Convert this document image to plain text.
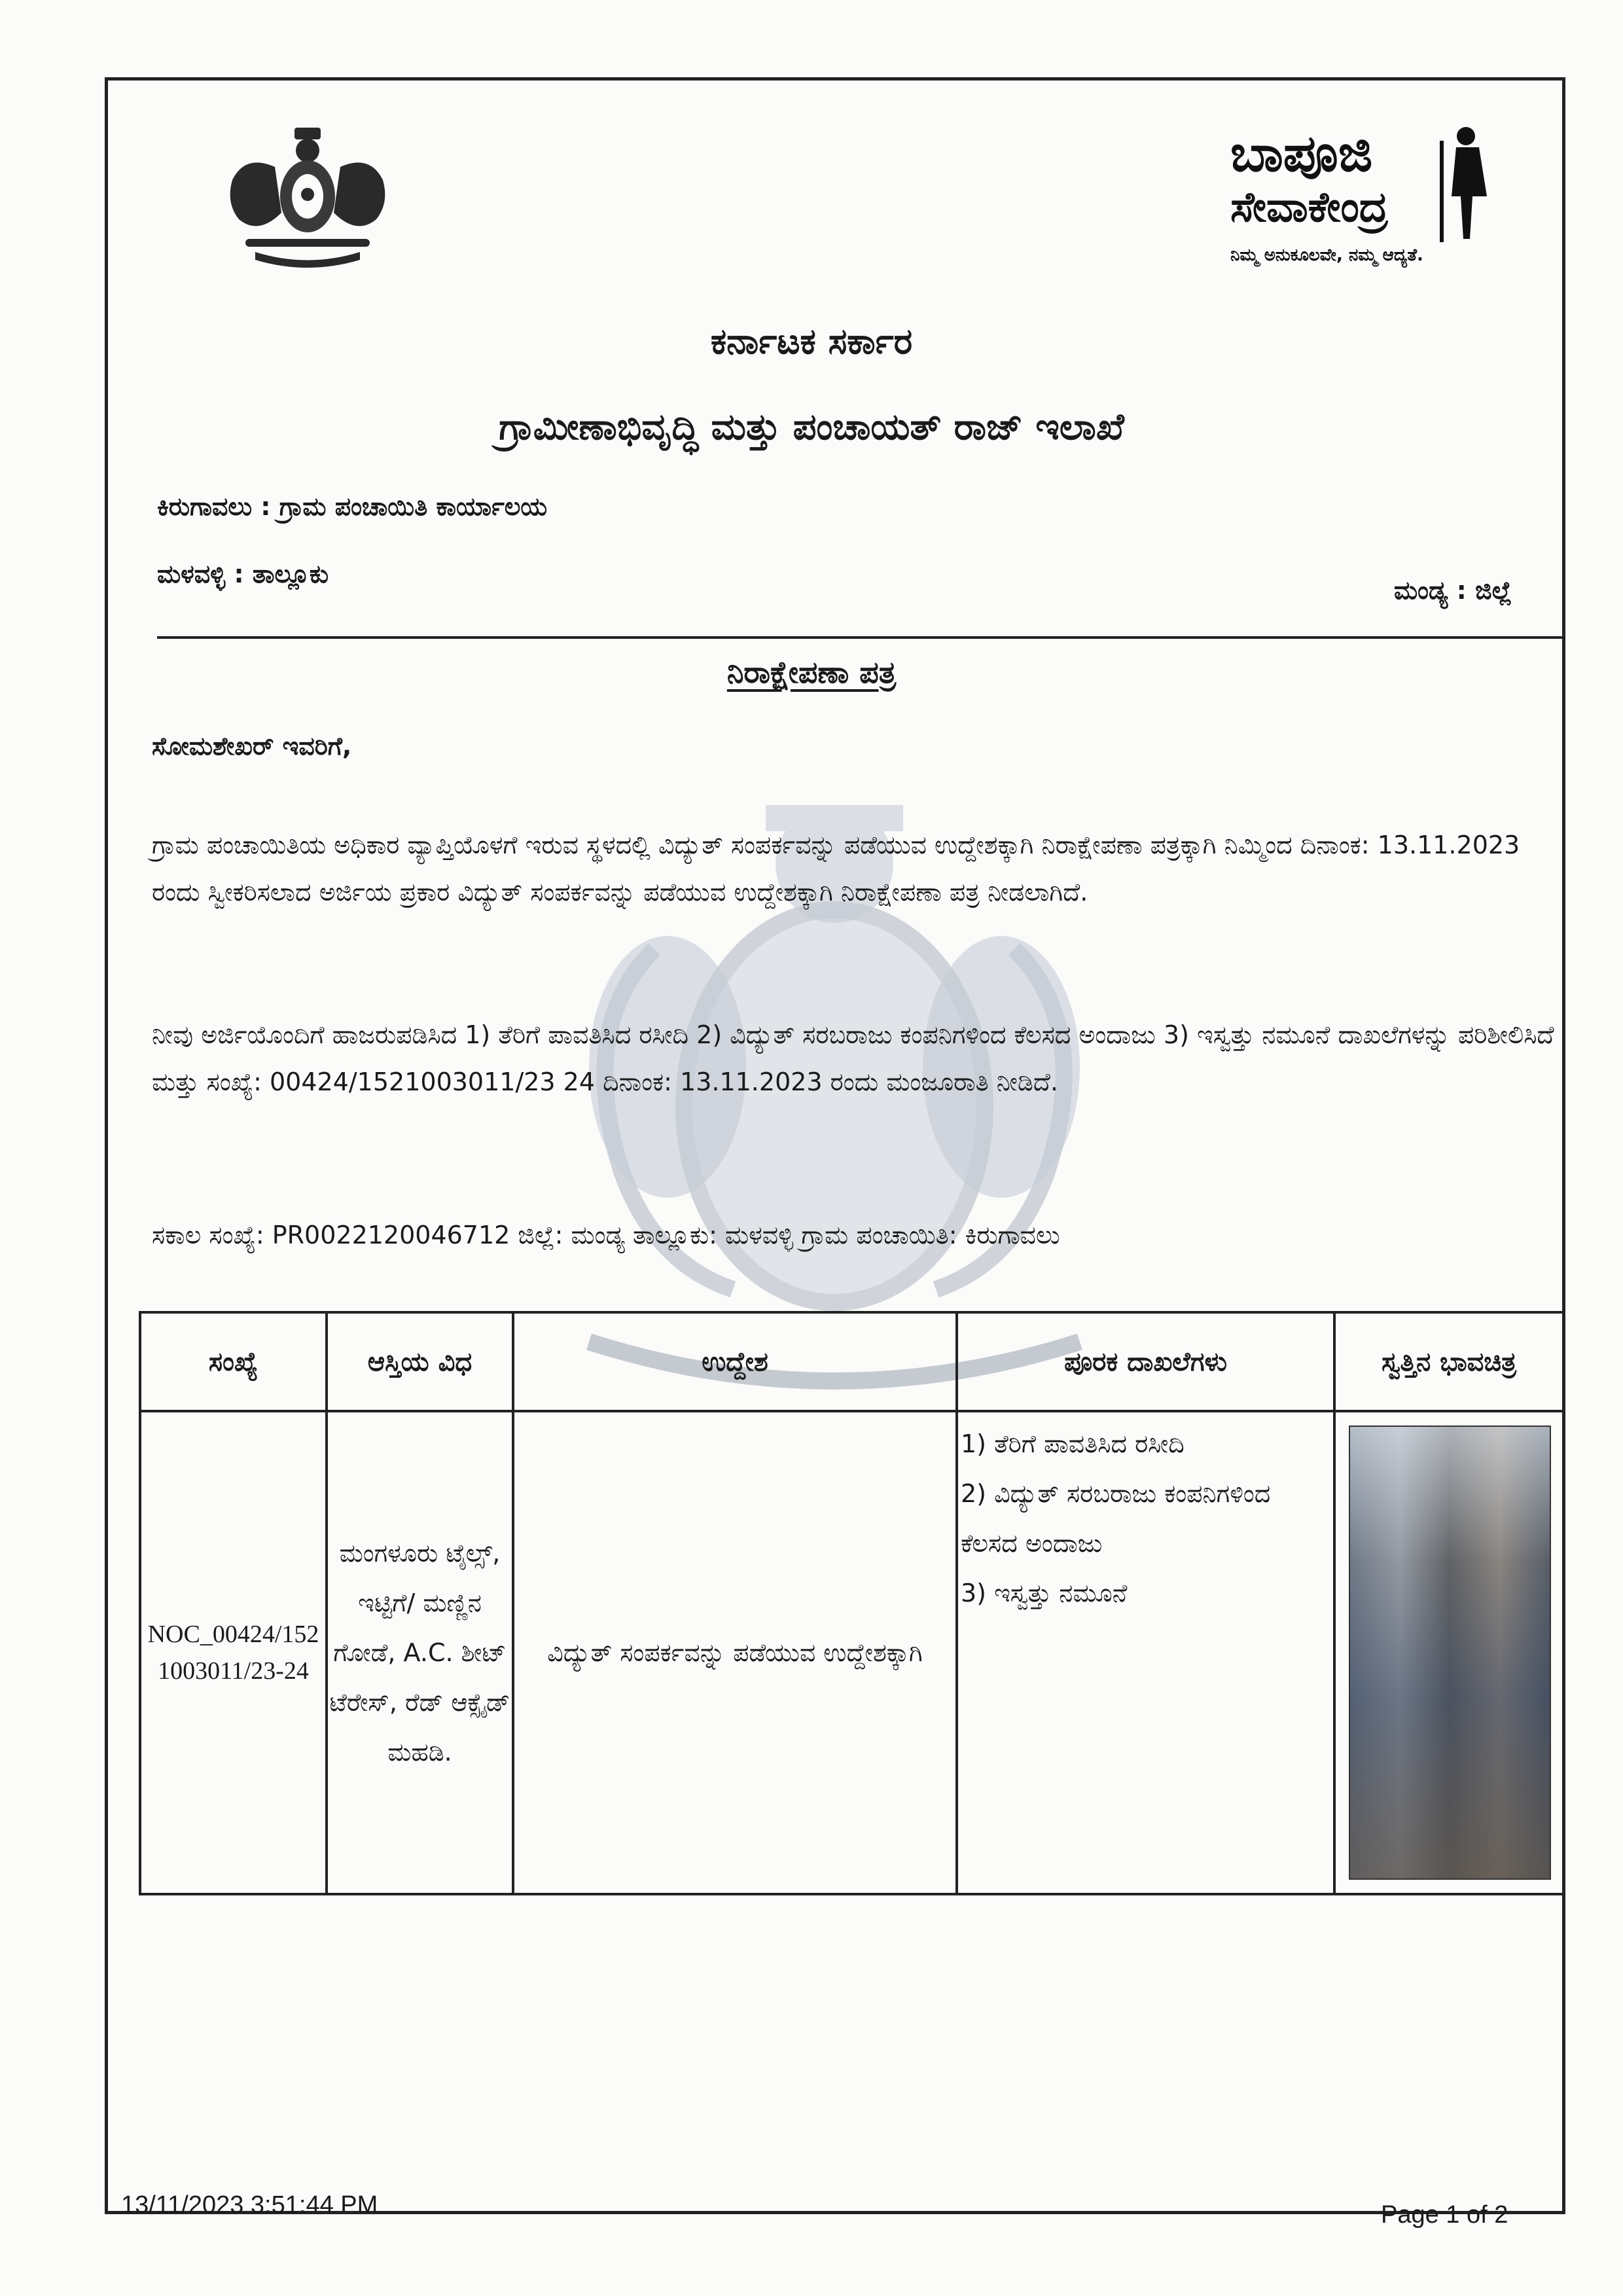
ಬಾಪೂಜಿ
ಸೇವಾಕೇಂದ್ರ
ನಿಮ್ಮ ಅನುಕೂಲವೇ, ನಮ್ಮ ಆದ್ಯತೆ.
ಕರ್ನಾಟಕ ಸರ್ಕಾರ
ಗ್ರಾಮೀಣಾಭಿವೃದ್ಧಿ ಮತ್ತು ಪಂಚಾಯತ್ ರಾಜ್ ಇಲಾಖೆ
ಕಿರುಗಾವಲು : ಗ್ರಾಮ ಪಂಚಾಯಿತಿ ಕಾರ್ಯಾಲಯ
ಮಳವಳ್ಳಿ : ತಾಲ್ಲೂಕು
ಮಂಡ್ಯ : ಜಿಲ್ಲೆ
ನಿರಾಕ್ಷೇಪಣಾ ಪತ್ರ
ಸೋಮಶೇಖರ್ ಇವರಿಗೆ,
ಗ್ರಾಮ ಪಂಚಾಯಿತಿಯ ಅಧಿಕಾರ ವ್ಯಾಪ್ತಿಯೊಳಗೆ ಇರುವ ಸ್ಥಳದಲ್ಲಿ ವಿದ್ಯುತ್ ಸಂಪರ್ಕವನ್ನು ಪಡೆಯುವ ಉದ್ದೇಶಕ್ಕಾಗಿ ನಿರಾಕ್ಷೇಪಣಾ ಪತ್ರಕ್ಕಾಗಿ ನಿಮ್ಮಿಂದ ದಿನಾಂಕ: 13.11.2023 ರಂದು ಸ್ವೀಕರಿಸಲಾದ ಅರ್ಜಿಯ ಪ್ರಕಾರ ವಿದ್ಯುತ್ ಸಂಪರ್ಕವನ್ನು ಪಡೆಯುವ ಉದ್ದೇಶಕ್ಕಾಗಿ ನಿರಾಕ್ಷೇಪಣಾ ಪತ್ರ ನೀಡಲಾಗಿದೆ.
ನೀವು ಅರ್ಜಿಯೊಂದಿಗೆ ಹಾಜರುಪಡಿಸಿದ 1) ತೆರಿಗೆ ಪಾವತಿಸಿದ ರಸೀದಿ 2) ವಿದ್ಯುತ್ ಸರಬರಾಜು ಕಂಪನಿಗಳಿಂದ ಕೆಲಸದ ಅಂದಾಜು 3) ಇಸ್ವತ್ತು ನಮೂನೆ ದಾಖಲೆಗಳನ್ನು ಪರಿಶೀಲಿಸಿದೆ ಮತ್ತು ಸಂಖ್ಯೆ: 00424/1521003011/23 24 ದಿನಾಂಕ: 13.11.2023 ರಂದು ಮಂಜೂರಾತಿ ನೀಡಿದೆ.
ಸಕಾಲ ಸಂಖ್ಯೆ: PR0022120046712 ಜಿಲ್ಲೆ: ಮಂಡ್ಯ ತಾಲ್ಲೂಕು: ಮಳವಳ್ಳಿ ಗ್ರಾಮ ಪಂಚಾಯಿತಿ: ಕಿರುಗಾವಲು
ಸಂಖ್ಯೆ	ಆಸ್ತಿಯ ವಿಧ	ಉದ್ದೇಶ	ಪೂರಕ ದಾಖಲೆಗಳು	ಸ್ವತ್ತಿನ ಭಾವಚಿತ್ರ
NOC_00424/1521003011/23-24	ಮಂಗಳೂರು ಟೈಲ್ಸ್, ಇಟ್ಟಿಗೆ/ ಮಣ್ಣಿನ ಗೋಡೆ, A.C. ಶೀಟ್ ಟೆರೇಸ್, ರೆಡ್ ಆಕ್ಸೈಡ್ ಮಹಡಿ.	ವಿದ್ಯುತ್ ಸಂಪರ್ಕವನ್ನು ಪಡೆಯುವ ಉದ್ದೇಶಕ್ಕಾಗಿ	1) ತೆರಿಗೆ ಪಾವತಿಸಿದ ರಸೀದಿ
2) ವಿದ್ಯುತ್ ಸರಬರಾಜು ಕಂಪನಿಗಳಿಂದ ಕೆಲಸದ ಅಂದಾಜು
3) ಇಸ್ವತ್ತು ನಮೂನೆ	

13/11/2023 3:51:44 PM	Page 1 of 2
